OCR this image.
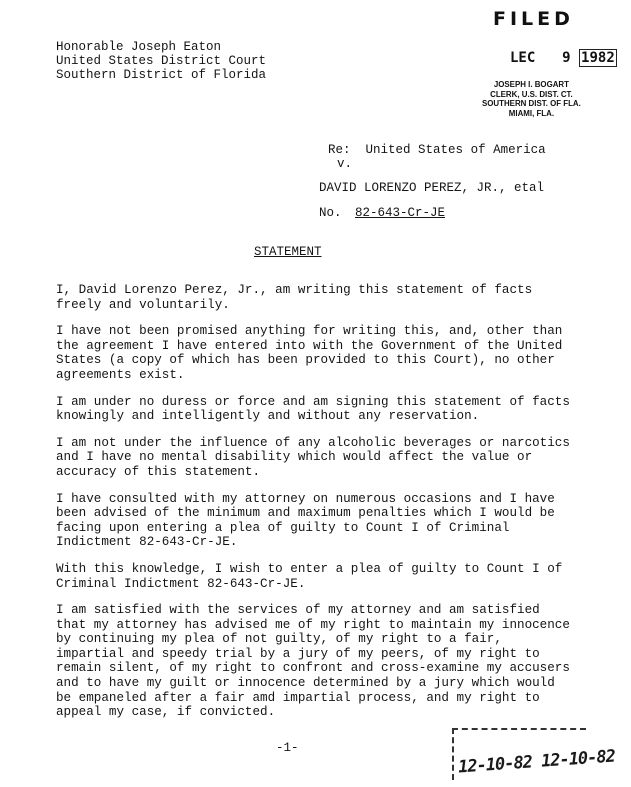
FILED
LEC 9 1982
JOSEPH I. BOGART
CLERK, U.S. DIST. CT.
SOUTHERN DIST. OF FLA.
MIAMI, FLA.
Honorable Joseph Eaton
United States District Court
Southern District of Florida

Re: United States of America

v.
DAVID LORENZO PEREZ, JR., etal
No. 82-643-Cr-JE
STATEMENT

I, David Lorenzo Perez, Jr., am writing this statement of facts freely and voluntarily.

I have not been promised anything for writing this, and, other than the agreement I have entered into with the Government of the United States (a copy of which has been provided to this Court), no other agreements exist.

I am under no duress or force and am signing this statement of facts knowingly and intelligently and without any reservation.

I am not under the influence of any alcoholic beverages or narcotics and I have no mental disability which would affect the value or accuracy of this statement.

I have consulted with my attorney on numerous occasions and I have been advised of the minimum and maximum penalties which I would be facing upon entering a plea of guilty to Count I of Criminal Indictment 82-643-Cr-JE.

With this knowledge, I wish to enter a plea of guilty to Count I of Criminal Indictment 82-643-Cr-JE.

I am satisfied with the services of my attorney and am satisfied that my attorney has advised me of my right to maintain my innocence by continuing my plea of not guilty, of my right to a fair, impartial and speedy trial by a jury of my peers, of my right to remain silent, of my right to confront and cross-examine my accusers and to have my guilt or innocence determined by a jury which would be empaneled after a fair amd impartial process, and my right to appeal my case, if convicted.

-1-	12-10-82 12-10-82
